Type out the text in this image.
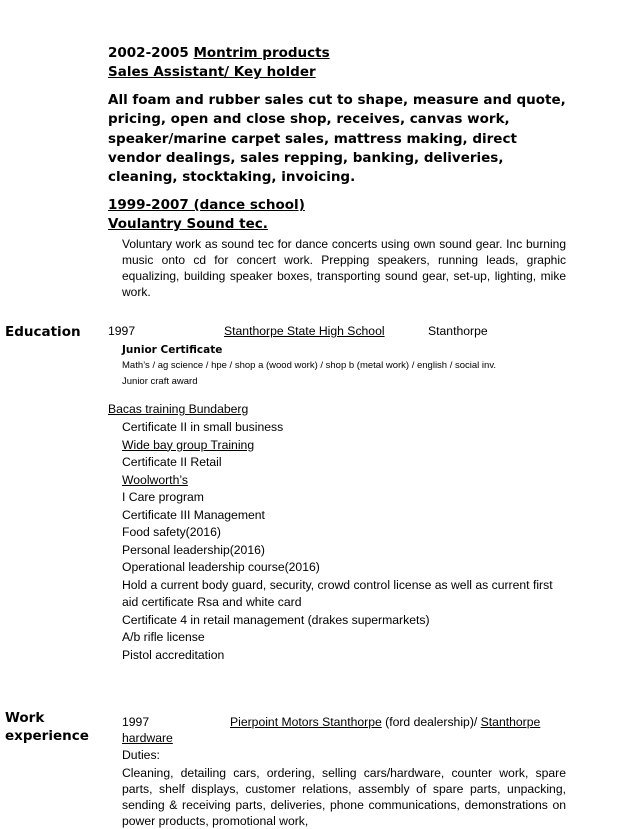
2002-2005 Montrim products
Sales Assistant/ Key holder
All foam and rubber sales cut to shape, measure and quote, pricing, open and close shop, receives, canvas work, speaker/marine carpet sales, mattress making, direct vendor dealings, sales repping, banking, deliveries, cleaning, stocktaking, invoicing.
1999-2007 (dance school)
Voulantry Sound tec.
Voluntary work as sound tec for dance concerts using own sound gear. Inc burning music onto cd for concert work. Prepping speakers, running leads, graphic equalizing, building speaker boxes, transporting sound gear, set-up, lighting, mike work.
Education 1997	Stanthorpe State High School	Stanthorpe
Junior Certificate
Math’s / ag science / hpe / shop a (wood work) / shop b (metal work) / english / social inv.
Junior craft award
Bacas training Bundaberg
Certificate II in small business
Wide bay group Training
Certificate II Retail
Woolworth’s
I Care program
Certificate III Management
Food safety(2016)
Personal leadership(2016)
Operational leadership course(2016)
Hold a current body guard, security, crowd control license as well as current first aid certificate Rsa and white card
Certificate 4 in retail management (drakes supermarkets)
A/b rifle license
Pistol accreditation
Work
experience
1997	Pierpoint Motors Stanthorpe (ford dealership)/ Stanthorpe
hardware
Duties:
Cleaning, detailing cars, ordering, selling cars/hardware, counter work, spare parts, shelf displays, customer relations, assembly of spare parts, unpacking, sending & receiving parts, deliveries, phone communications, demonstrations on power products, promotional work,
